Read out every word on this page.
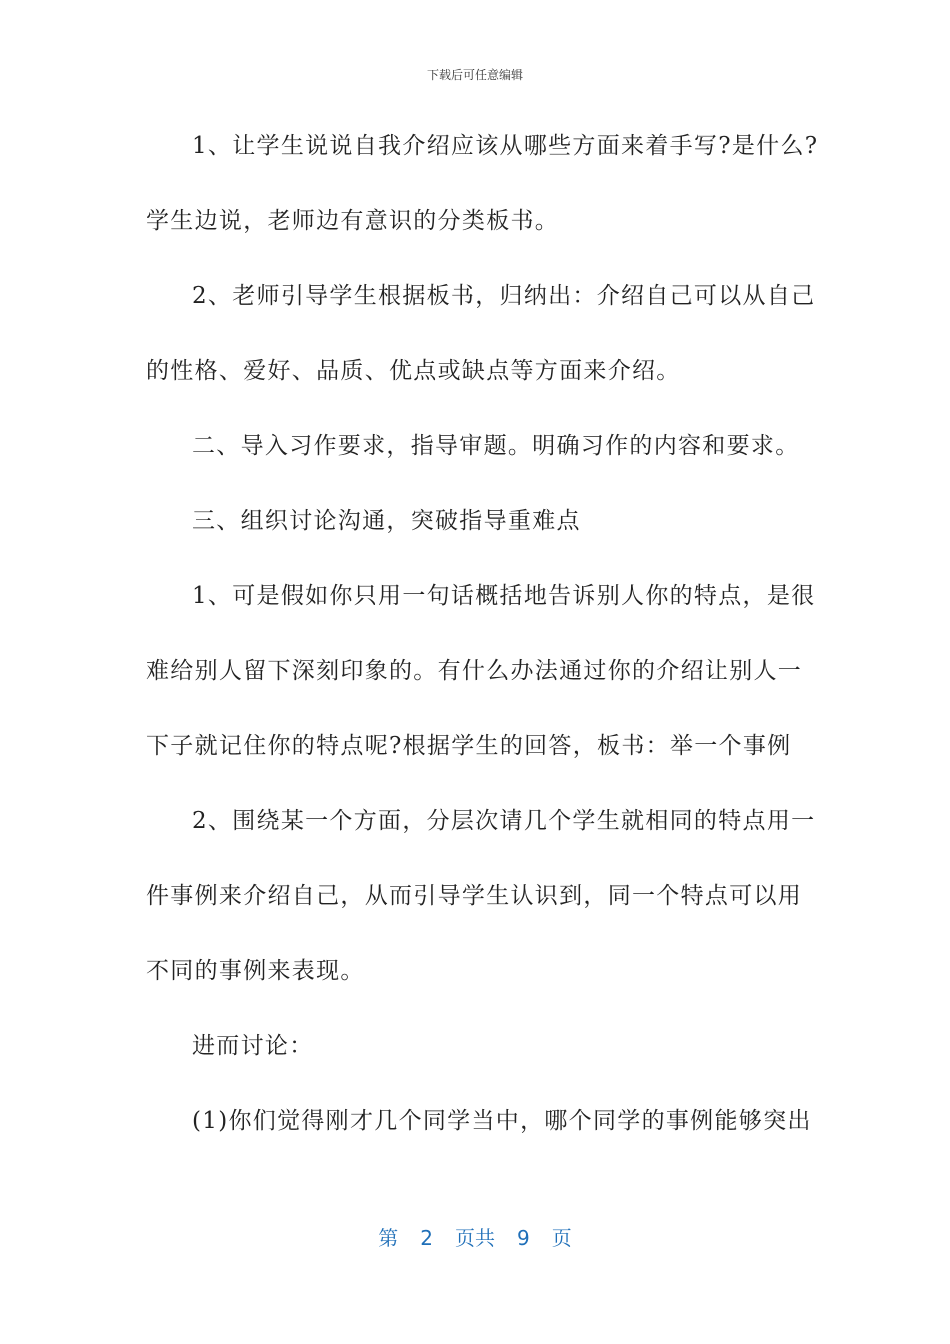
下载后可任意编辑
1、让学生说说自我介绍应该从哪些方面来着手写?是什么?
学生边说，老师边有意识的分类板书。
2、老师引导学生根据板书，归纳出：介绍自己可以从自己
的性格、爱好、品质、优点或缺点等方面来介绍。
二、导入习作要求，指导审题。明确习作的内容和要求。
三、组织讨论沟通，突破指导重难点
1、可是假如你只用一句话概括地告诉别人你的特点，是很
难给别人留下深刻印象的。有什么办法通过你的介绍让别人一
下子就记住你的特点呢?根据学生的回答，板书：举一个事例
2、围绕某一个方面，分层次请几个学生就相同的特点用一
件事例来介绍自己，从而引导学生认识到，同一个特点可以用
不同的事例来表现。
进而讨论：
(1)你们觉得刚才几个同学当中，哪个同学的事例能够突出
第 2 页共 9 页
